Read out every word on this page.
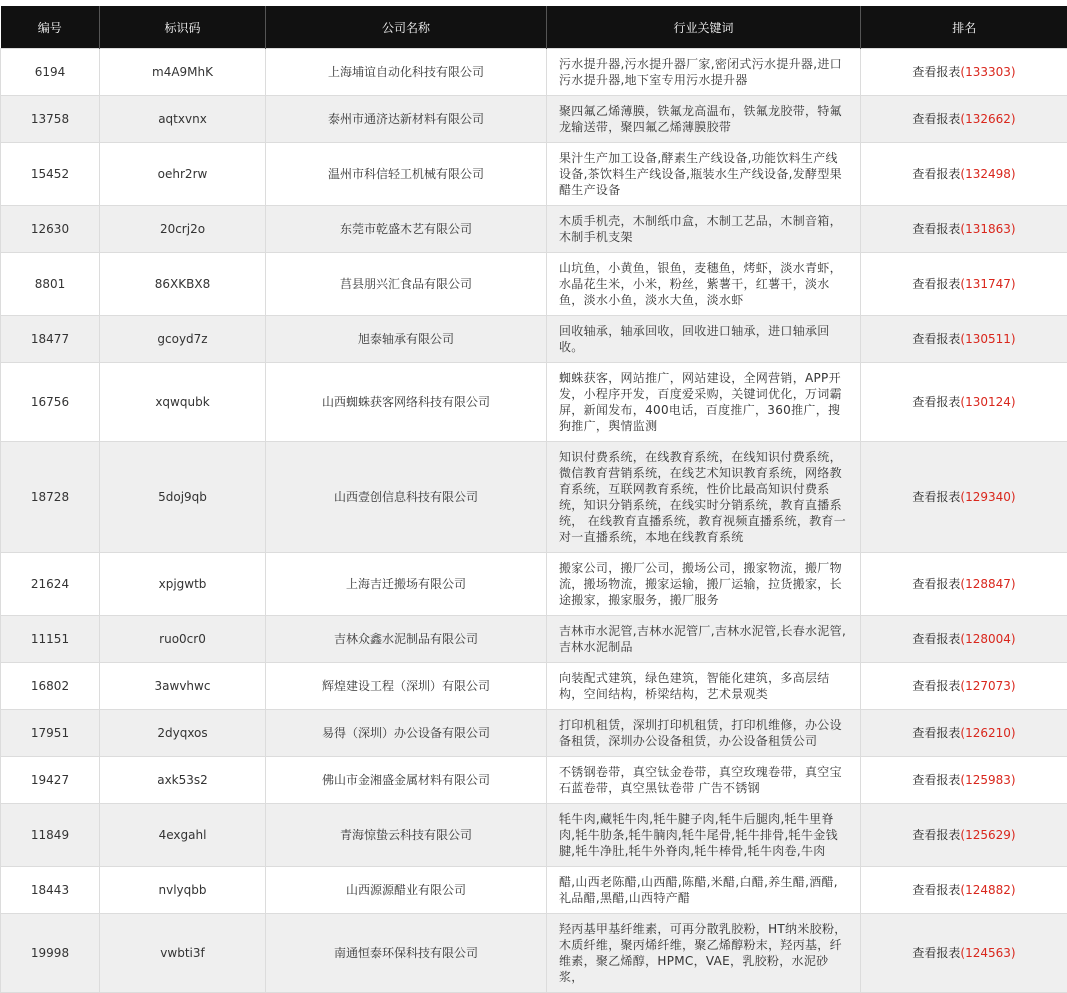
编号	标识码	公司名称	行业关键词	排名
6194	m4A9MhK	上海埔谊自动化科技有限公司	污水提升器,污水提升器厂家,密闭式污水提升器,进口污水提升器,地下室专用污水提升器	查看报表(133303)
13758	aqtxvnx	泰州市通济达新材料有限公司	聚四氟乙烯薄膜，铁氟龙高温布，铁氟龙胶带，特氟龙输送带，聚四氟乙烯薄膜胶带	查看报表(132662)
15452	oehr2rw	温州市科信轻工机械有限公司	果汁生产加工设备,酵素生产线设备,功能饮料生产线设备,茶饮料生产线设备,瓶装水生产线设备,发酵型果醋生产设备	查看报表(132498)
12630	20crj2o	东莞市乾盛木艺有限公司	木质手机壳，木制纸巾盒，木制工艺品，木制音箱，木制手机支架	查看报表(131863)
8801	86XKBX8	莒县朋兴汇食品有限公司	山坑鱼，小黄鱼，银鱼，麦穗鱼，烤虾，淡水青虾，水晶花生米，小米，粉丝，紫薯干，红薯干，淡水鱼，淡水小鱼，淡水大鱼，淡水虾	查看报表(131747)
18477	gcoyd7z	旭泰轴承有限公司	回收轴承，轴承回收，回收进口轴承，进口轴承回收。	查看报表(130511)
16756	xqwqubk	山西蜘蛛获客网络科技有限公司	蜘蛛获客，网站推广，网站建设，全网营销，APP开发，小程序开发，百度爱采购，关键词优化，万词霸屏，新闻发布，400电话，百度推广，360推广，搜狗推广，舆情监测	查看报表(130124)
18728	5doj9qb	山西壹创信息科技有限公司	知识付费系统，在线教育系统，在线知识付费系统，微信教育营销系统，在线艺术知识教育系统，网络教育系统，互联网教育系统，性价比最高知识付费系统，知识分销系统，在线实时分销系统，教育直播系统， 在线教育直播系统，教育视频直播系统，教育一对一直播系统，本地在线教育系统	查看报表(129340)
21624	xpjgwtb	上海吉迁搬场有限公司	搬家公司，搬厂公司，搬场公司，搬家物流，搬厂物流，搬场物流，搬家运输，搬厂运输，拉货搬家，长途搬家，搬家服务，搬厂服务	查看报表(128847)
11151	ruo0cr0	吉林众鑫水泥制品有限公司	吉林市水泥管,吉林水泥管厂,吉林水泥管,长春水泥管,吉林水泥制品	查看报表(128004)
16802	3awvhwc	辉煌建设工程（深圳）有限公司	向装配式建筑，绿色建筑，智能化建筑，多高层结构，空间结构，桥梁结构，艺术景观类	查看报表(127073)
17951	2dyqxos	易得（深圳）办公设备有限公司	打印机租赁，深圳打印机租赁，打印机维修，办公设备租赁，深圳办公设备租赁，办公设备租赁公司	查看报表(126210)
19427	axk53s2	佛山市金湘盛金属材料有限公司	不锈钢卷带，真空钛金卷带，真空玫瑰卷带，真空宝石蓝卷带，真空黑钛卷带 广告不锈钢	查看报表(125983)
11849	4exgahl	青海惊蛰云科技有限公司	牦牛肉,藏牦牛肉,牦牛腱子肉,牦牛后腿肉,牦牛里脊肉,牦牛肋条,牦牛腩肉,牦牛尾骨,牦牛排骨,牦牛金钱腱,牦牛净肚,牦牛外脊肉,牦牛棒骨,牦牛肉卷,牛肉	查看报表(125629)
18443	nvlyqbb	山西源源醋业有限公司	醋,山西老陈醋,山西醋,陈醋,米醋,白醋,养生醋,酒醋,礼品醋,黑醋,山西特产醋	查看报表(124882)
19998	vwbti3f	南通恒泰环保科技有限公司	羟丙基甲基纤维素，可再分散乳胶粉，HT纳米胶粉，木质纤维，聚丙烯纤维，聚乙烯醇粉末，羟丙基，纤维素，聚乙烯醇，HPMC，VAE，乳胶粉，水泥砂浆，	查看报表(124563)
